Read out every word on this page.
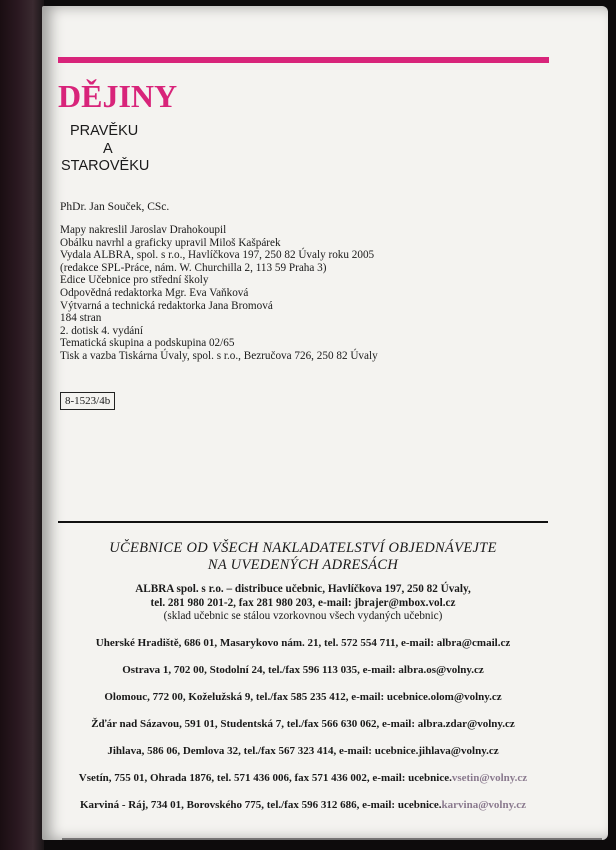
DĚJINY
PRAVĚKU
A
STAROVĚKU
PhDr. Jan Souček, CSc.
Mapy nakreslil Jaroslav Drahokoupil
Obálku navrhl a graficky upravil Miloš Kašpárek
Vydala ALBRA, spol. s r.o., Havlíčkova 197, 250 82 Úvaly roku 2005
(redakce SPL-Práce, nám. W. Churchilla 2, 113 59 Praha 3)
Edice Učebnice pro střední školy
Odpovědná redaktorka Mgr. Eva Vaňková
Výtvarná a technická redaktorka Jana Bromová
184 stran
2. dotisk 4. vydání
Tematická skupina a podskupina 02/65
Tisk a vazba Tiskárna Úvaly, spol. s r.o., Bezručova 726, 250 82 Úvaly
8-1523/4b
UČEBNICE OD VŠECH NAKLADATELSTVÍ OBJEDNÁVEJTE
NA UVEDENÝCH ADRESÁCH
ALBRA spol. s r.o. – distribuce učebnic, Havlíčkova 197, 250 82 Úvaly,
tel. 281 980 201-2, fax 281 980 203, e-mail: jbrajer@mbox.vol.cz
(sklad učebnic se stálou vzorkovnou všech vydaných učebnic)
Uherské Hradiště, 686 01, Masarykovo nám. 21, tel. 572 554 711, e-mail: albra@cmail.cz
Ostrava 1, 702 00, Stodolní 24, tel./fax 596 113 035, e-mail: albra.os@volny.cz
Olomouc, 772 00, Koželužská 9, tel./fax 585 235 412, e-mail: ucebnice.olom@volny.cz
Žďár nad Sázavou, 591 01, Studentská 7, tel./fax 566 630 062, e-mail: albra.zdar@volny.cz
Jihlava, 586 06, Demlova 32, tel./fax 567 323 414, e-mail: ucebnice.jihlava@volny.cz
Vsetín, 755 01, Ohrada 1876, tel. 571 436 006, fax 571 436 002, e-mail: ucebnice.vsetin@volny.cz
Karviná - Ráj, 734 01, Borovského 775, tel./fax 596 312 686, e-mail: ucebnice.karvina@volny.cz
